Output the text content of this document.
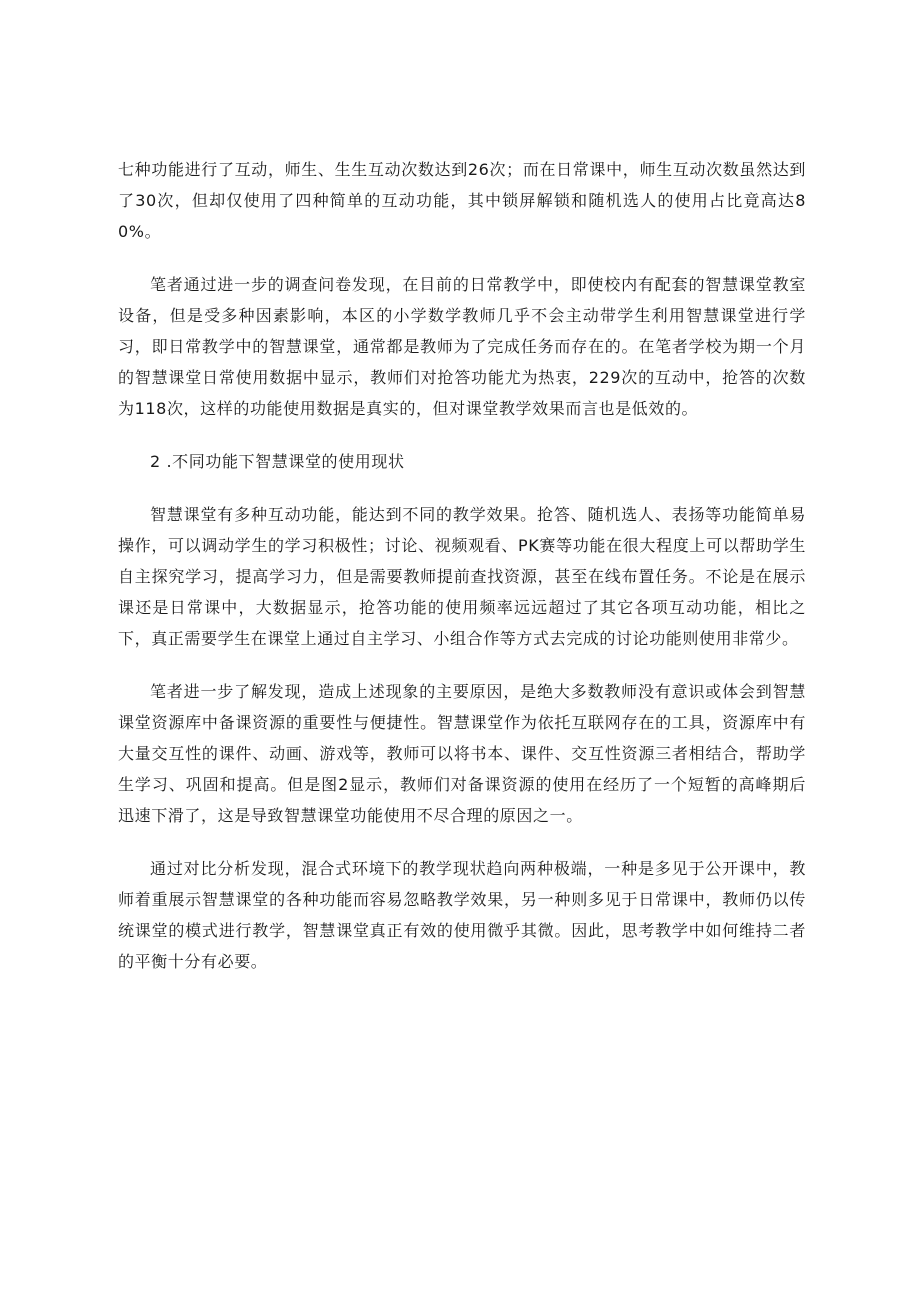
七种功能进行了互动，师生、生生互动次数达到26次；而在日常课中，师生互动次数虽然达到了30次，但却仅使用了四种简单的互动功能，其中锁屏解锁和随机选人的使用占比竟高达80%。

笔者通过进一步的调查问卷发现，在目前的日常教学中，即使校内有配套的智慧课堂教室设备，但是受多种因素影响，本区的小学数学教师几乎不会主动带学生利用智慧课堂进行学习，即日常教学中的智慧课堂，通常都是教师为了完成任务而存在的。在笔者学校为期一个月的智慧课堂日常使用数据中显示，教师们对抢答功能尤为热衷，229次的互动中，抢答的次数为118次，这样的功能使用数据是真实的，但对课堂教学效果而言也是低效的。

2 .不同功能下智慧课堂的使用现状

智慧课堂有多种互动功能，能达到不同的教学效果。抢答、随机选人、表扬等功能简单易操作，可以调动学生的学习积极性；讨论、视频观看、PK赛等功能在很大程度上可以帮助学生自主探究学习，提高学习力，但是需要教师提前查找资源，甚至在线布置任务。不论是在展示课还是日常课中，大数据显示，抢答功能的使用频率远远超过了其它各项互动功能，相比之下，真正需要学生在课堂上通过自主学习、小组合作等方式去完成的讨论功能则使用非常少。

笔者进一步了解发现，造成上述现象的主要原因，是绝大多数教师没有意识或体会到智慧课堂资源库中备课资源的重要性与便捷性。智慧课堂作为依托互联网存在的工具，资源库中有大量交互性的课件、动画、游戏等，教师可以将书本、课件、交互性资源三者相结合，帮助学生学习、巩固和提高。但是图2显示，教师们对备课资源的使用在经历了一个短暂的高峰期后迅速下滑了，这是导致智慧课堂功能使用不尽合理的原因之一。

通过对比分析发现，混合式环境下的教学现状趋向两种极端，一种是多见于公开课中，教师着重展示智慧课堂的各种功能而容易忽略教学效果，另一种则多见于日常课中，教师仍以传统课堂的模式进行教学，智慧课堂真正有效的使用微乎其微。因此，思考教学中如何维持二者的平衡十分有必要。
